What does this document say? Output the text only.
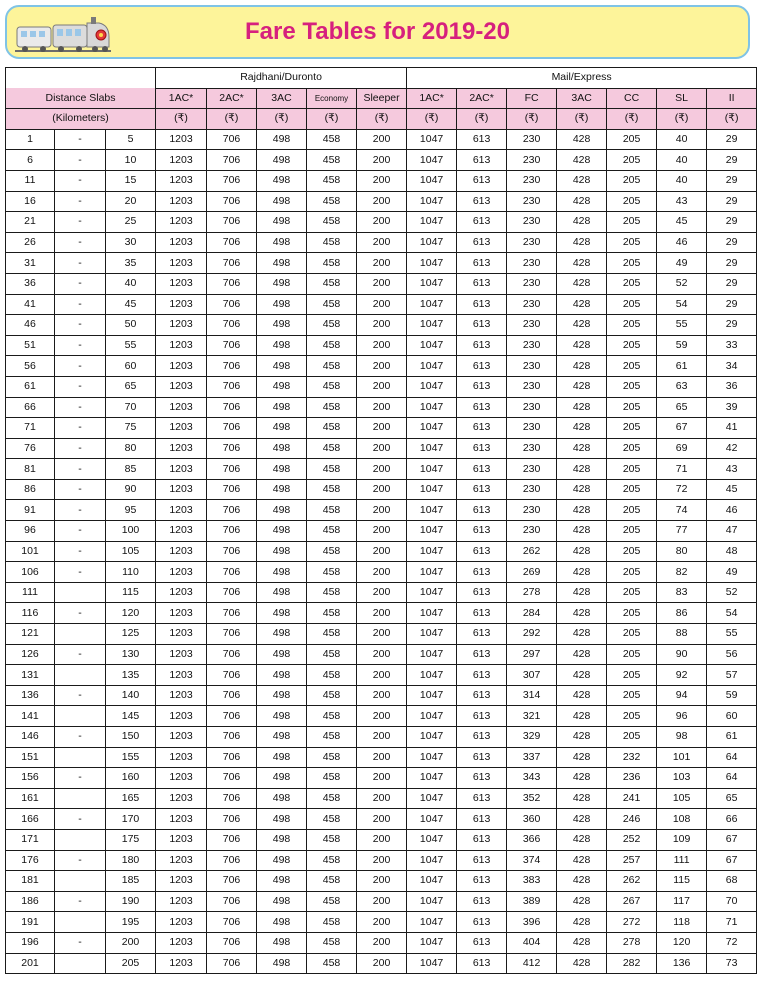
Fare Tables for 2019-20
			Rajdhani/Duronto					Mail/Express						
Distance Slabs			1AC*	2AC*	3AC	Economy	Sleeper	1AC*	2AC*	FC	3AC	CC	SL	II
(Kilometers)			(₹)	(₹)	(₹)	(₹)	(₹)	(₹)	(₹)	(₹)	(₹)	(₹)	(₹)	(₹)
1	-	5	1203	706	498	458	200	1047	613	230	428	205	40	29
6	-	10	1203	706	498	458	200	1047	613	230	428	205	40	29
11	-	15	1203	706	498	458	200	1047	613	230	428	205	40	29
16	-	20	1203	706	498	458	200	1047	613	230	428	205	43	29
21	-	25	1203	706	498	458	200	1047	613	230	428	205	45	29
26	-	30	1203	706	498	458	200	1047	613	230	428	205	46	29
31	-	35	1203	706	498	458	200	1047	613	230	428	205	49	29
36	-	40	1203	706	498	458	200	1047	613	230	428	205	52	29
41	-	45	1203	706	498	458	200	1047	613	230	428	205	54	29
46	-	50	1203	706	498	458	200	1047	613	230	428	205	55	29
51	-	55	1203	706	498	458	200	1047	613	230	428	205	59	33
56	-	60	1203	706	498	458	200	1047	613	230	428	205	61	34
61	-	65	1203	706	498	458	200	1047	613	230	428	205	63	36
66	-	70	1203	706	498	458	200	1047	613	230	428	205	65	39
71	-	75	1203	706	498	458	200	1047	613	230	428	205	67	41
76	-	80	1203	706	498	458	200	1047	613	230	428	205	69	42
81	-	85	1203	706	498	458	200	1047	613	230	428	205	71	43
86	-	90	1203	706	498	458	200	1047	613	230	428	205	72	45
91	-	95	1203	706	498	458	200	1047	613	230	428	205	74	46
96	-	100	1203	706	498	458	200	1047	613	230	428	205	77	47
101	-	105	1203	706	498	458	200	1047	613	262	428	205	80	48
106	-	110	1203	706	498	458	200	1047	613	269	428	205	82	49
111		115	1203	706	498	458	200	1047	613	278	428	205	83	52
116	-	120	1203	706	498	458	200	1047	613	284	428	205	86	54
121		125	1203	706	498	458	200	1047	613	292	428	205	88	55
126	-	130	1203	706	498	458	200	1047	613	297	428	205	90	56
131		135	1203	706	498	458	200	1047	613	307	428	205	92	57
136	-	140	1203	706	498	458	200	1047	613	314	428	205	94	59
141		145	1203	706	498	458	200	1047	613	321	428	205	96	60
146	-	150	1203	706	498	458	200	1047	613	329	428	205	98	61
151		155	1203	706	498	458	200	1047	613	337	428	232	101	64
156	-	160	1203	706	498	458	200	1047	613	343	428	236	103	64
161		165	1203	706	498	458	200	1047	613	352	428	241	105	65
166	-	170	1203	706	498	458	200	1047	613	360	428	246	108	66
171		175	1203	706	498	458	200	1047	613	366	428	252	109	67
176	-	180	1203	706	498	458	200	1047	613	374	428	257	111	67
181		185	1203	706	498	458	200	1047	613	383	428	262	115	68
186	-	190	1203	706	498	458	200	1047	613	389	428	267	117	70
191		195	1203	706	498	458	200	1047	613	396	428	272	118	71
196	-	200	1203	706	498	458	200	1047	613	404	428	278	120	72
201		205	1203	706	498	458	200	1047	613	412	428	282	136	73
